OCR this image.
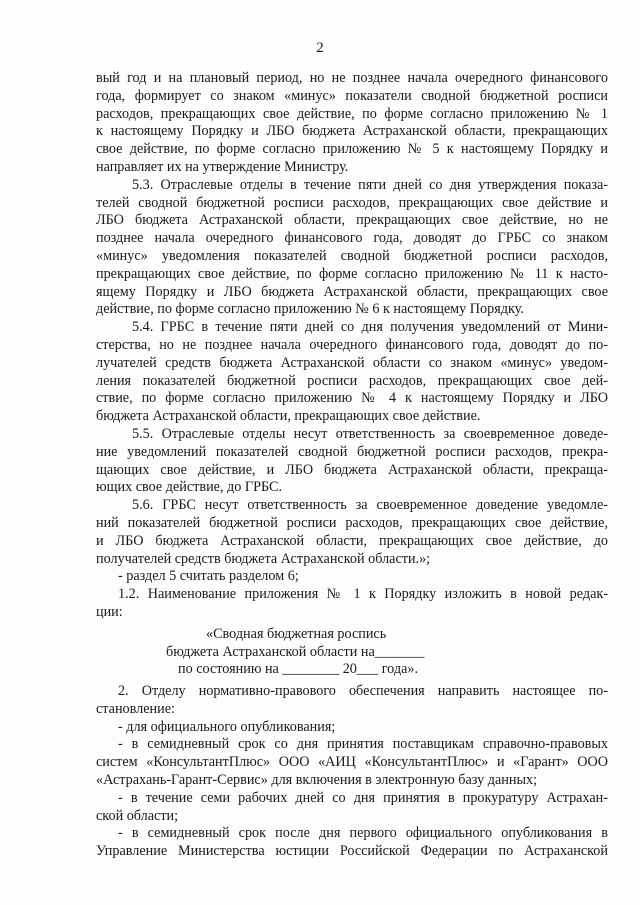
2
вый год и на плановый период, но не позднее начала очередного финансового
года, формирует со знаком «минус» показатели сводной бюджетной росписи
расходов, прекращающих свое действие, по форме согласно приложению № 1
к настоящему Порядку и ЛБО бюджета Астраханской области, прекращающих
свое действие, по форме согласно приложению № 5 к настоящему Порядку и
направляет их на утверждение Министру.
5.3. Отраслевые отделы в течение пяти дней со дня утверждения показа-
телей сводной бюджетной росписи расходов, прекращающих свое действие и
ЛБО бюджета Астраханской области, прекращающих свое действие, но не
позднее начала очередного финансового года, доводят до ГРБС со знаком
«минус» уведомления показателей сводной бюджетной росписи расходов,
прекращающих свое действие, по форме согласно приложению № 11 к насто-
ящему Порядку и ЛБО бюджета Астраханской области, прекращающих свое
действие, по форме согласно приложению № 6 к настоящему Порядку.
5.4. ГРБС в течение пяти дней со дня получения уведомлений от Мини-
стерства, но не позднее начала очередного финансового года, доводят до по-
лучателей средств бюджета Астраханской области со знаком «минус» уведом-
ления показателей бюджетной росписи расходов, прекращающих свое дей-
ствие, по форме согласно приложению № 4 к настоящему Порядку и ЛБО
бюджета Астраханской области, прекращающих свое действие.
5.5. Отраслевые отделы несут ответственность за своевременное доведе-
ние уведомлений показателей сводной бюджетной росписи расходов, прекра-
щающих свое действие, и ЛБО бюджета Астраханской области, прекраща-
ющих свое действие, до ГРБС.
5.6. ГРБС несут ответственность за своевременное доведение уведомле-
ний показателей бюджетной росписи расходов, прекращающих свое действие,
и ЛБО бюджета Астраханской области, прекращающих свое действие, до
получателей средств бюджета Астраханской области.»;
- раздел 5 считать разделом 6;
1.2. Наименование приложения № 1 к Порядку изложить в новой редак-
ции:
«Сводная бюджетная роспись
бюджета Астраханской области на_______
по состоянию на ________ 20___ года».
2. Отделу нормативно-правового обеспечения направить настоящее по-
становление:
- для официального опубликования;
- в семидневный срок со дня принятия поставщикам справочно-правовых
систем «КонсультантПлюс» ООО «АИЦ «КонсультантПлюс» и «Гарант» ООО
«Астрахань-Гарант-Сервис» для включения в электронную базу данных;
- в течение семи рабочих дней со дня принятия в прокуратуру Астрахан-
ской области;
- в семидневный срок после дня первого официального опубликования в
Управление Министерства юстиции Российской Федерации по Астраханской
